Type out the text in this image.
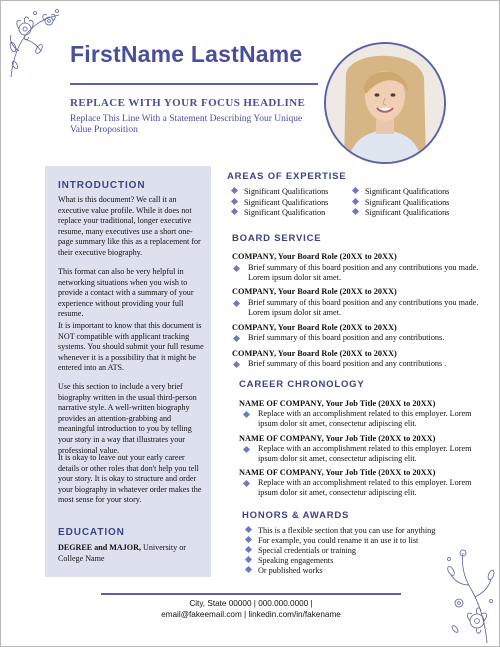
FirstName LastName
REPLACE WITH YOUR FOCUS HEADLINE
Replace This Line With a Statement Describing Your Unique Value Proposition
INTRODUCTION

What is this document? We call it an executive value profile. While it does not replace your traditional, longer executive resume, many executives use a short one-page summary like this as a replacement for their executive biography.

This format can also be very helpful in networking situations when you wish to provide a contact with a summary of your experience without providing your full resume.

It is important to know that this document is NOT compatible with applicant tracking systems. You should submit your full resume whenever it is a possibility that it might be entered into an ATS.

Use this section to include a very brief biography written in the usual third-person narrative style. A well-written biography provides an attention-grabbing and meaningful introduction to you by telling your story in a way that illustrates your professional value.

It is okay to leave out your early career details or other roles that don't help you tell your story. It is okay to structure and order your biography in whatever order makes the most sense for your story.

EDUCATION

DEGREE and MAJOR, University or College Name

AREAS OF EXPERTISE
Significant Qualifications
Significant Qualifications
Significant Qualification
Significant Qualifications
Significant Qualifications
Significant Qualifications
BOARD SERVICE
COMPANY, Your Board Role (20XX to 20XX)
Brief summary of this board position and any contributions you made. Lorem ipsum dolor sit amet.
COMPANY, Your Board Role (20XX to 20XX)
Brief summary of this board position and any contributions you made. Lorem ipsum dolor sit amet.
COMPANY, Your Board Role (20XX to 20XX)
Brief summary of this board position and any contributions.
COMPANY, Your Board Role (20XX to 20XX)
Brief summary of this board position and any contributions .
CAREER CHRONOLOGY
NAME OF COMPANY, Your Job Title (20XX to 20XX)
Replace with an accomplishment related to this employer. Lorem ipsum dolor sit amet, consectetur adipiscing elit.
NAME OF COMPANY, Your Job Title (20XX to 20XX)
Replace with an accomplishment related to this employer. Lorem ipsum dolor sit amet, consectetur adipiscing elit.
NAME OF COMPANY, Your Job Title (20XX to 20XX)
Replace with an accomplishment related to this employer. Lorem ipsum dolor sit amet, consectetur adipiscing elit.
HONORS & AWARDS
This is a flexible section that you can use for anything
For example, you could rename it an use it to list
Special credentials or training
Speaking engagements
Or published works
City, State 00000 | 000.000.0000 |
email@fakeemail.com | linkedin.com/in/fakename
